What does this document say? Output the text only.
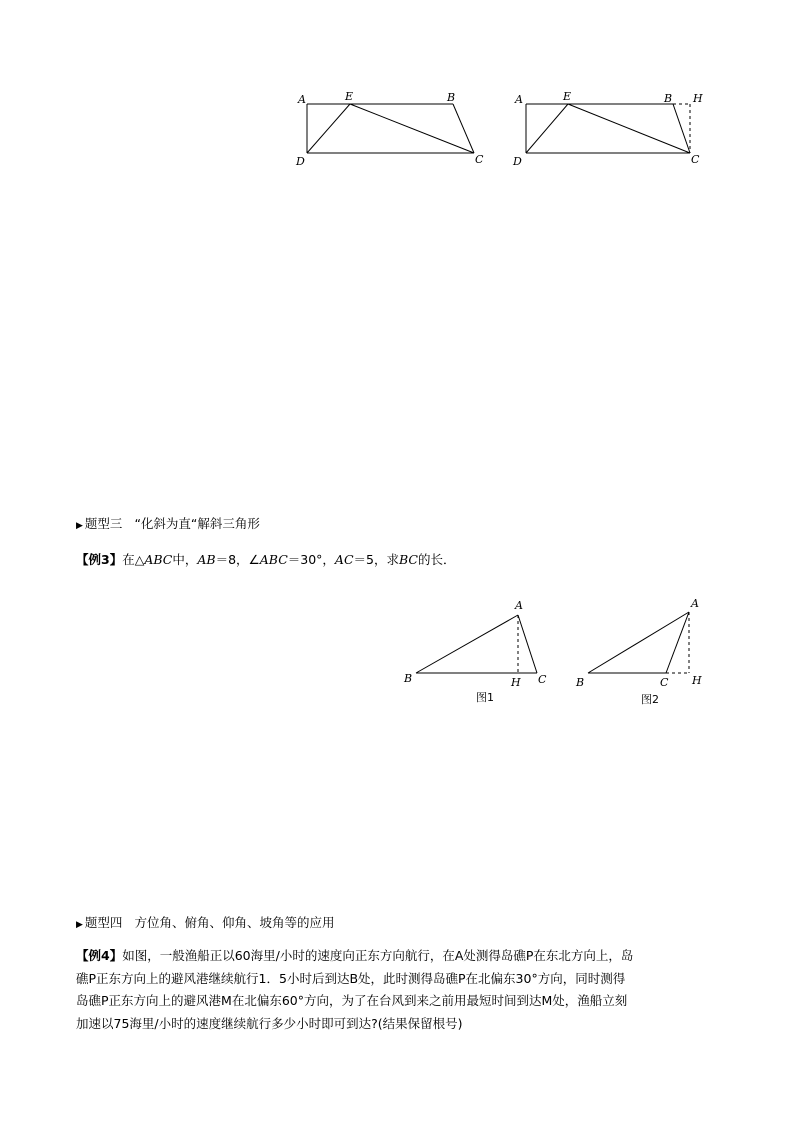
A	E	B
D	C
A	E	B H
D	C
▶ 题型三 “化斜为直“解斜三角形
【例3】在△ABC中，AB＝8，∠ABC＝30°，AC＝5，求BC的长．
A
B	H C
图1
A
B	C H
图2
▶ 题型四 方位角、俯角、仰角、坡角等的应用
【例4】如图，一般渔船正以60海里/小时的速度向正东方向航行，在A处测得岛礁P在东北方向上，岛
礁P正东方向上的避风港继续航行1．5小时后到达B处，此时测得岛礁P在北偏东30°方向，同时测得
岛礁P正东方向上的避风港M在北偏东60°方向，为了在台风到来之前用最短时间到达M处，渔船立刻
加速以75海里/小时的速度继续航行多少小时即可到达?(结果保留根号)
